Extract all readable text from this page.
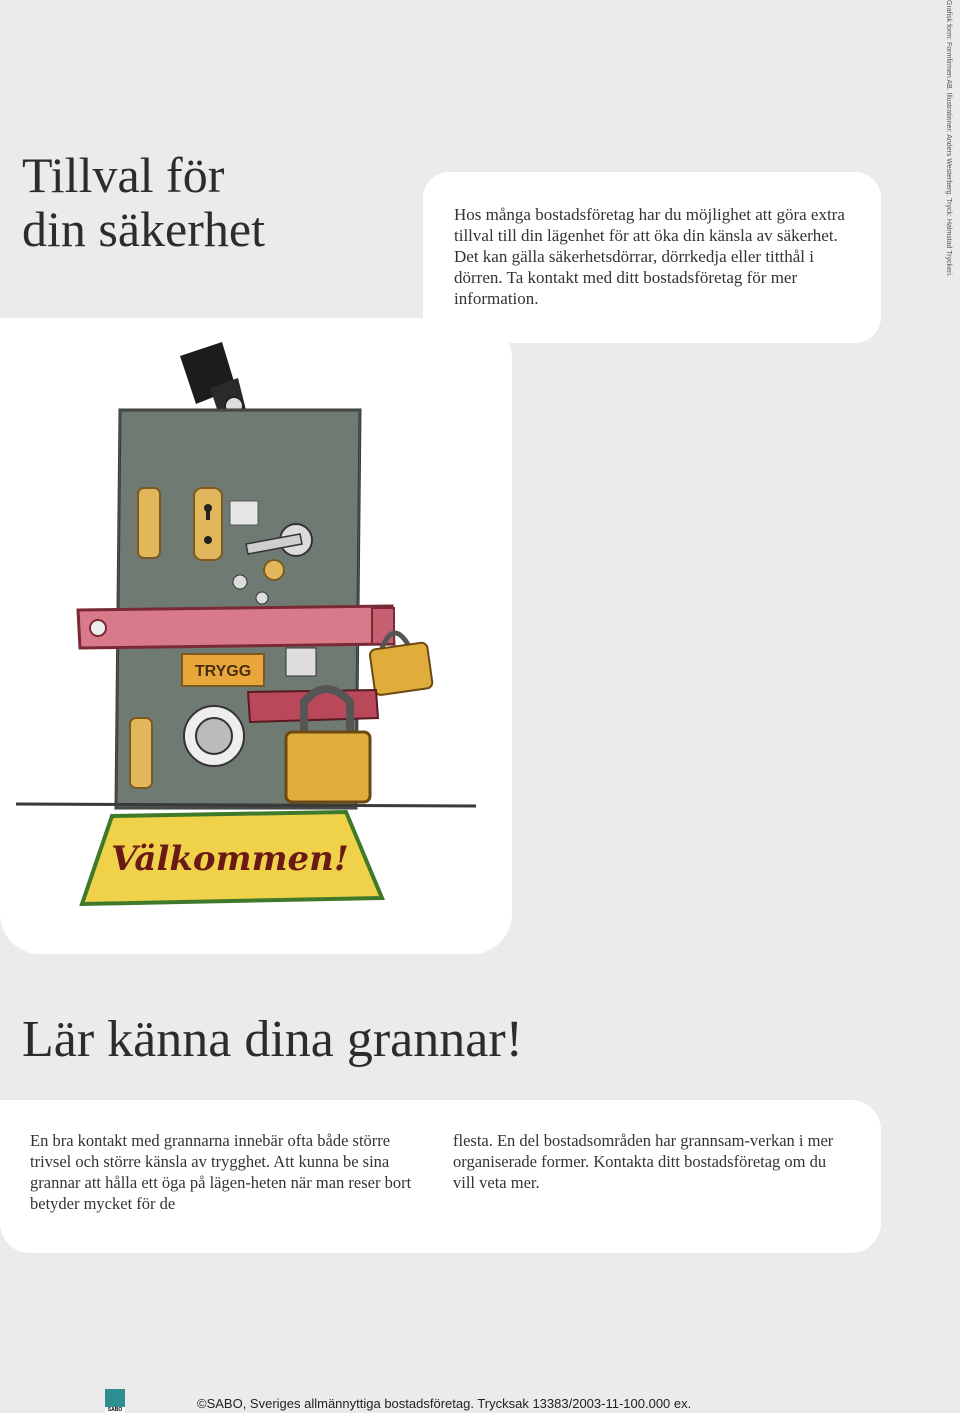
Tillval för
din säkerhet	Grafisk form: Formfirmen AB. Illustrationer: Anders Westerberg. Tryck: Halmstad Tryckeri.

Hos många bostadsföretag har du möjlighet att göra extra tillval till din lägenhet för att öka din känsla av säkerhet. Det kan gälla säkerhetsdörrar, dörrkedja eller titthål i dörren. Ta kontakt med ditt bostadsföretag för mer information.

TRYGG
Välkommen!
Lär känna dina grannar!

En bra kontakt med grannarna innebär ofta både större trivsel och större känsla av trygghet. Att kunna be sina grannar att hålla ett öga på lägen-heten när man reser bort betyder mycket för de

flesta. En del bostadsområden har grannsam-verkan i mer organiserade former. Kontakta ditt bostadsföretag om du vill veta mer.

SABO	©SABO, Sveriges allmännyttiga bostadsföretag. Trycksak 13383/2003-11-100.000 ex.
